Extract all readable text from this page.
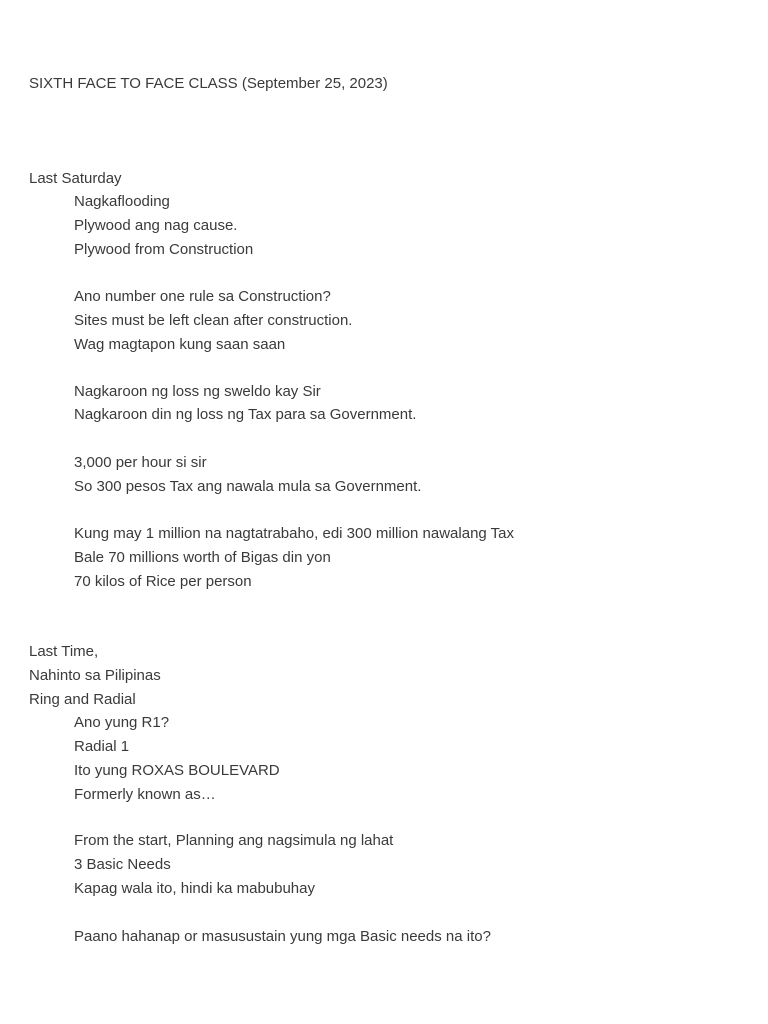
SIXTH FACE TO FACE CLASS (September 25, 2023)
Last Saturday
Nagkaflooding
Plywood ang nag cause.
Plywood from Construction
Ano number one rule sa Construction?
Sites must be left clean after construction.
Wag magtapon kung saan saan
Nagkaroon ng loss ng sweldo kay Sir
Nagkaroon din ng loss ng Tax para sa Government.
3,000 per hour si sir
So 300 pesos Tax ang nawala mula sa Government.
Kung may 1 million na nagtatrabaho, edi 300 million nawalang Tax
Bale 70 millions worth of Bigas din yon
70 kilos of Rice per person
Last Time,
Nahinto sa Pilipinas
Ring and Radial
Ano yung R1?
Radial 1
Ito yung ROXAS BOULEVARD
Formerly known as…
From the start, Planning ang nagsimula ng lahat
3 Basic Needs
Kapag wala ito, hindi ka mabubuhay
Paano hahanap or masusustain yung mga Basic needs na ito?
